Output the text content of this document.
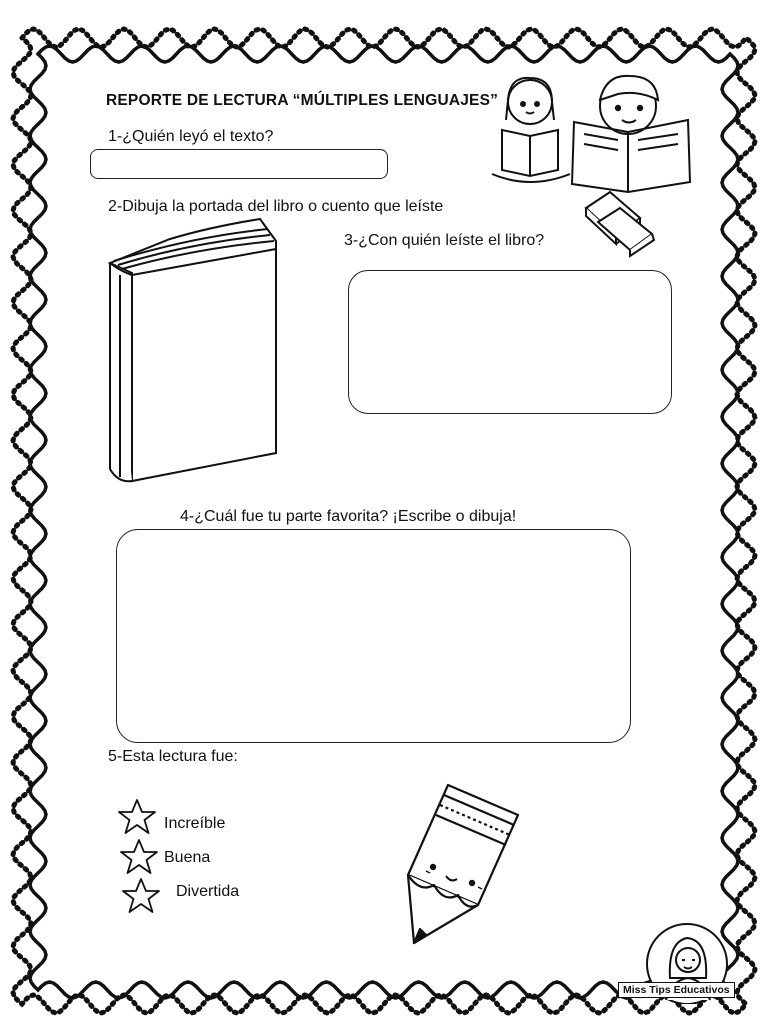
REPORTE DE LECTURA “MÚLTIPLES LENGUAJES”
1-¿Quién leyó el texto?
2-Dibuja la portada del libro o cuento que leíste
3-¿Con quién leíste el libro?
4-¿Cuál fue tu parte favorita? ¡Escribe o dibuja!
5-Esta lectura fue:
Increíble
Buena
Divertida
Miss Tips Educativos
